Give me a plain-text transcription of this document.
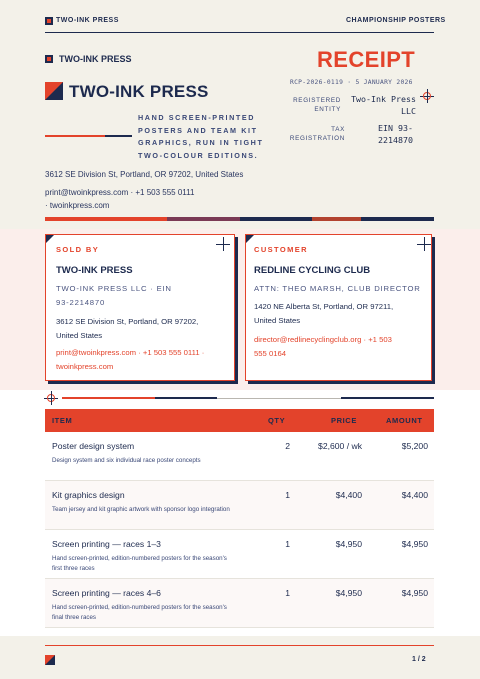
TWO-INK PRESS	CHAMPIONSHIP POSTERS
TWO-INK PRESS
TWO-INK PRESS
HAND SCREEN-PRINTED POSTERS AND TEAM KIT GRAPHICS, RUN IN TIGHT TWO-COLOUR EDITIONS.
3612 SE Division St, Portland, OR 97202, United States
print@twoinkpress.com · +1 503 555 0111
· twoinkpress.com
RECEIPT
RCP-2026-0119 · 5 JANUARY 2026
REGISTERED
ENTITY
Two-Ink Press
LLC
TAX
REGISTRATION
EIN 93-
2214870
SOLD BY
TWO-INK PRESS
TWO-INK PRESS LLC · EIN
93-2214870
3612 SE Division St, Portland, OR 97202,
United States
print@twoinkpress.com · +1 503 555 0111 ·
twoinkpress.com
CUSTOMER
REDLINE CYCLING CLUB
ATTN: THEO MARSH, CLUB DIRECTOR
1420 NE Alberta St, Portland, OR 97211,
United States
director@redlinecyclingclub.org · +1 503
555 0164
ITEM	QTY	PRICE	AMOUNT
Poster design system
Design system and six individual race poster concepts
2	$2,600 / wk	$5,200
Kit graphics design
Team jersey and kit graphic artwork with sponsor logo integration
1	$4,400	$4,400
Screen printing — races 1–3
Hand screen-printed, edition-numbered posters for the season's first three races
1	$4,950	$4,950
Screen printing — races 4–6
Hand screen-printed, edition-numbered posters for the season's final three races
1	$4,950	$4,950
1 / 2
